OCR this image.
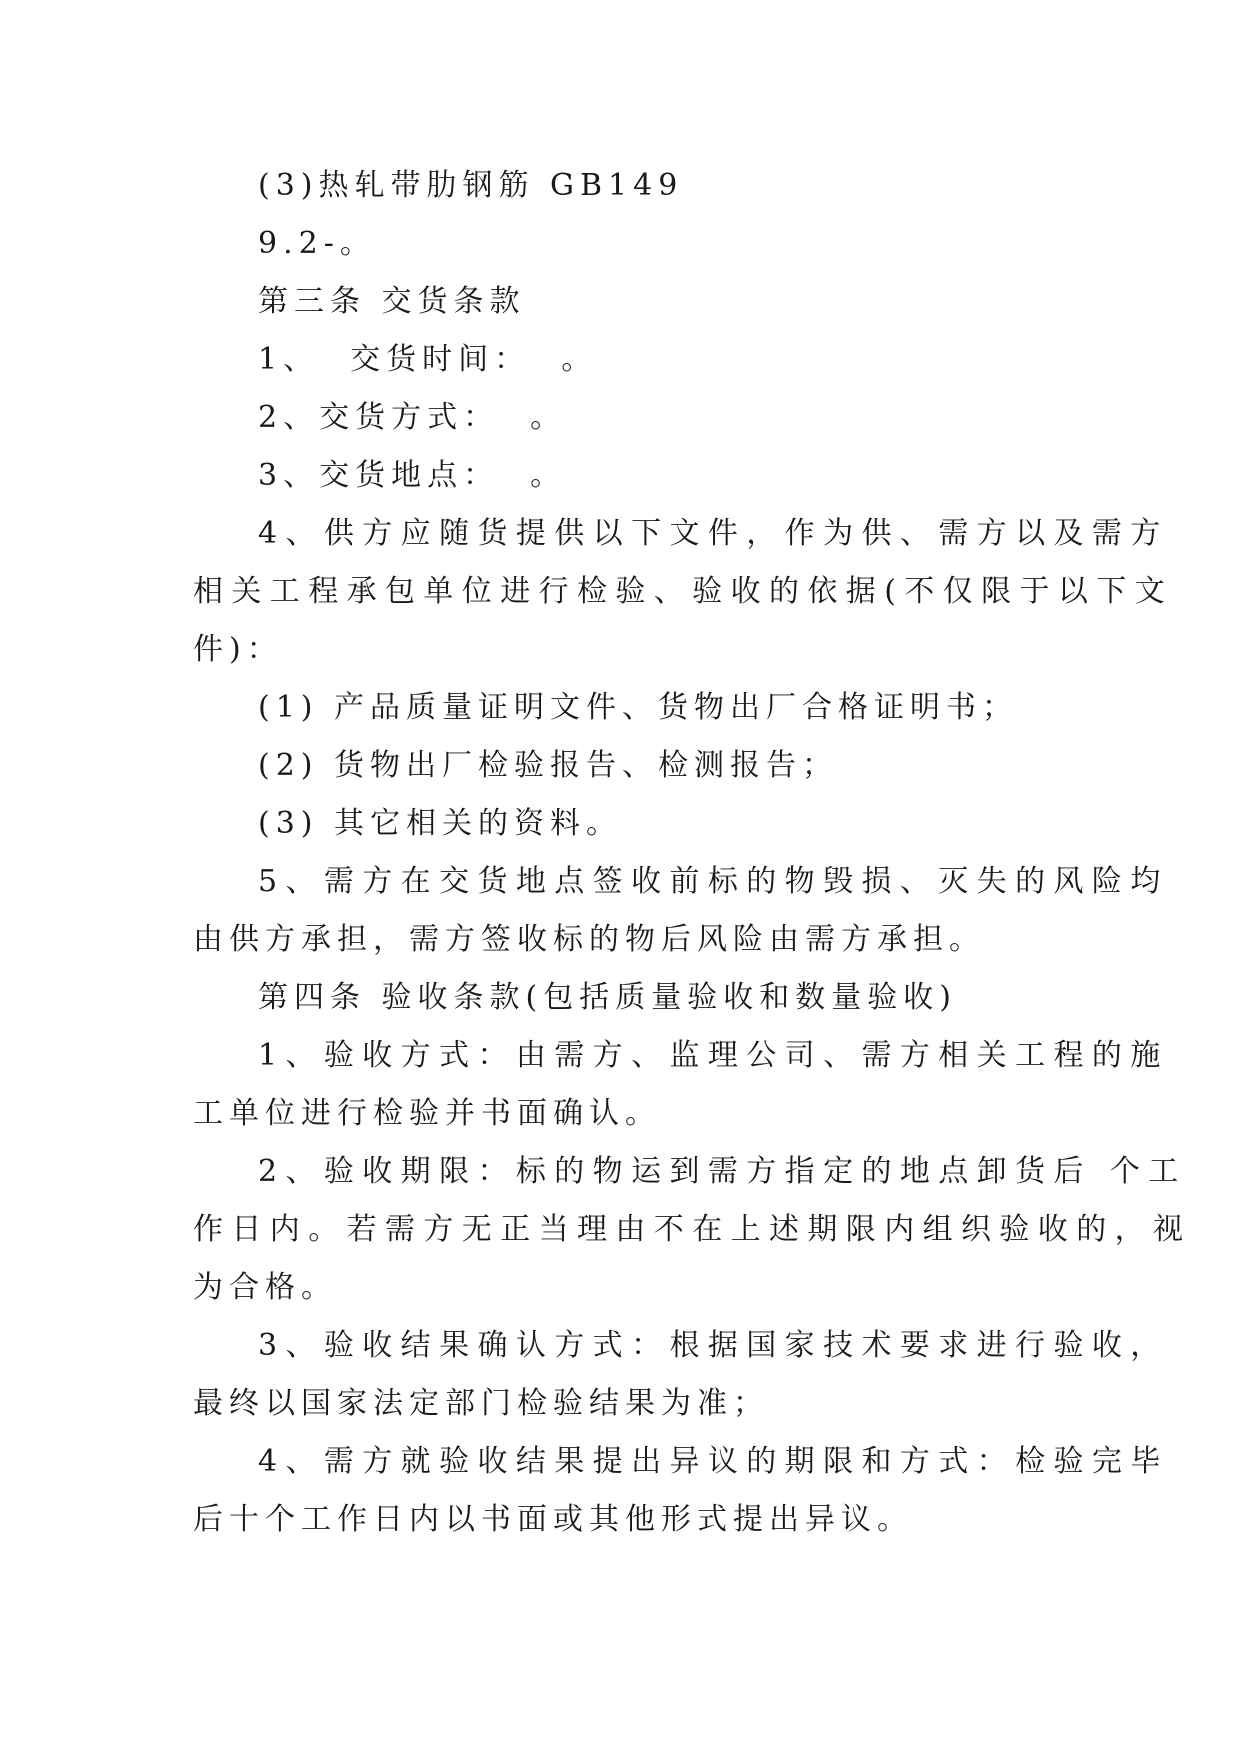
(3)热轧带肋钢筋 GB149
9.2-。
第三条 交货条款
1、  交货时间：  。
2、交货方式：  。
3、交货地点：  。
4、供方应随货提供以下文件，作为供、需方以及需方
相关工程承包单位进行检验、验收的依据(不仅限于以下文
件)：
(1) 产品质量证明文件、货物出厂合格证明书；
(2) 货物出厂检验报告、检测报告；
(3) 其它相关的资料。
5、需方在交货地点签收前标的物毁损、灭失的风险均
由供方承担，需方签收标的物后风险由需方承担。
第四条 验收条款(包括质量验收和数量验收)
1、验收方式：由需方、监理公司、需方相关工程的施
工单位进行检验并书面确认。
2、验收期限：标的物运到需方指定的地点卸货后 个工
作日内。若需方无正当理由不在上述期限内组织验收的，视
为合格。
3、验收结果确认方式：根据国家技术要求进行验收，
最终以国家法定部门检验结果为准；
4、需方就验收结果提出异议的期限和方式：检验完毕
后十个工作日内以书面或其他形式提出异议。
